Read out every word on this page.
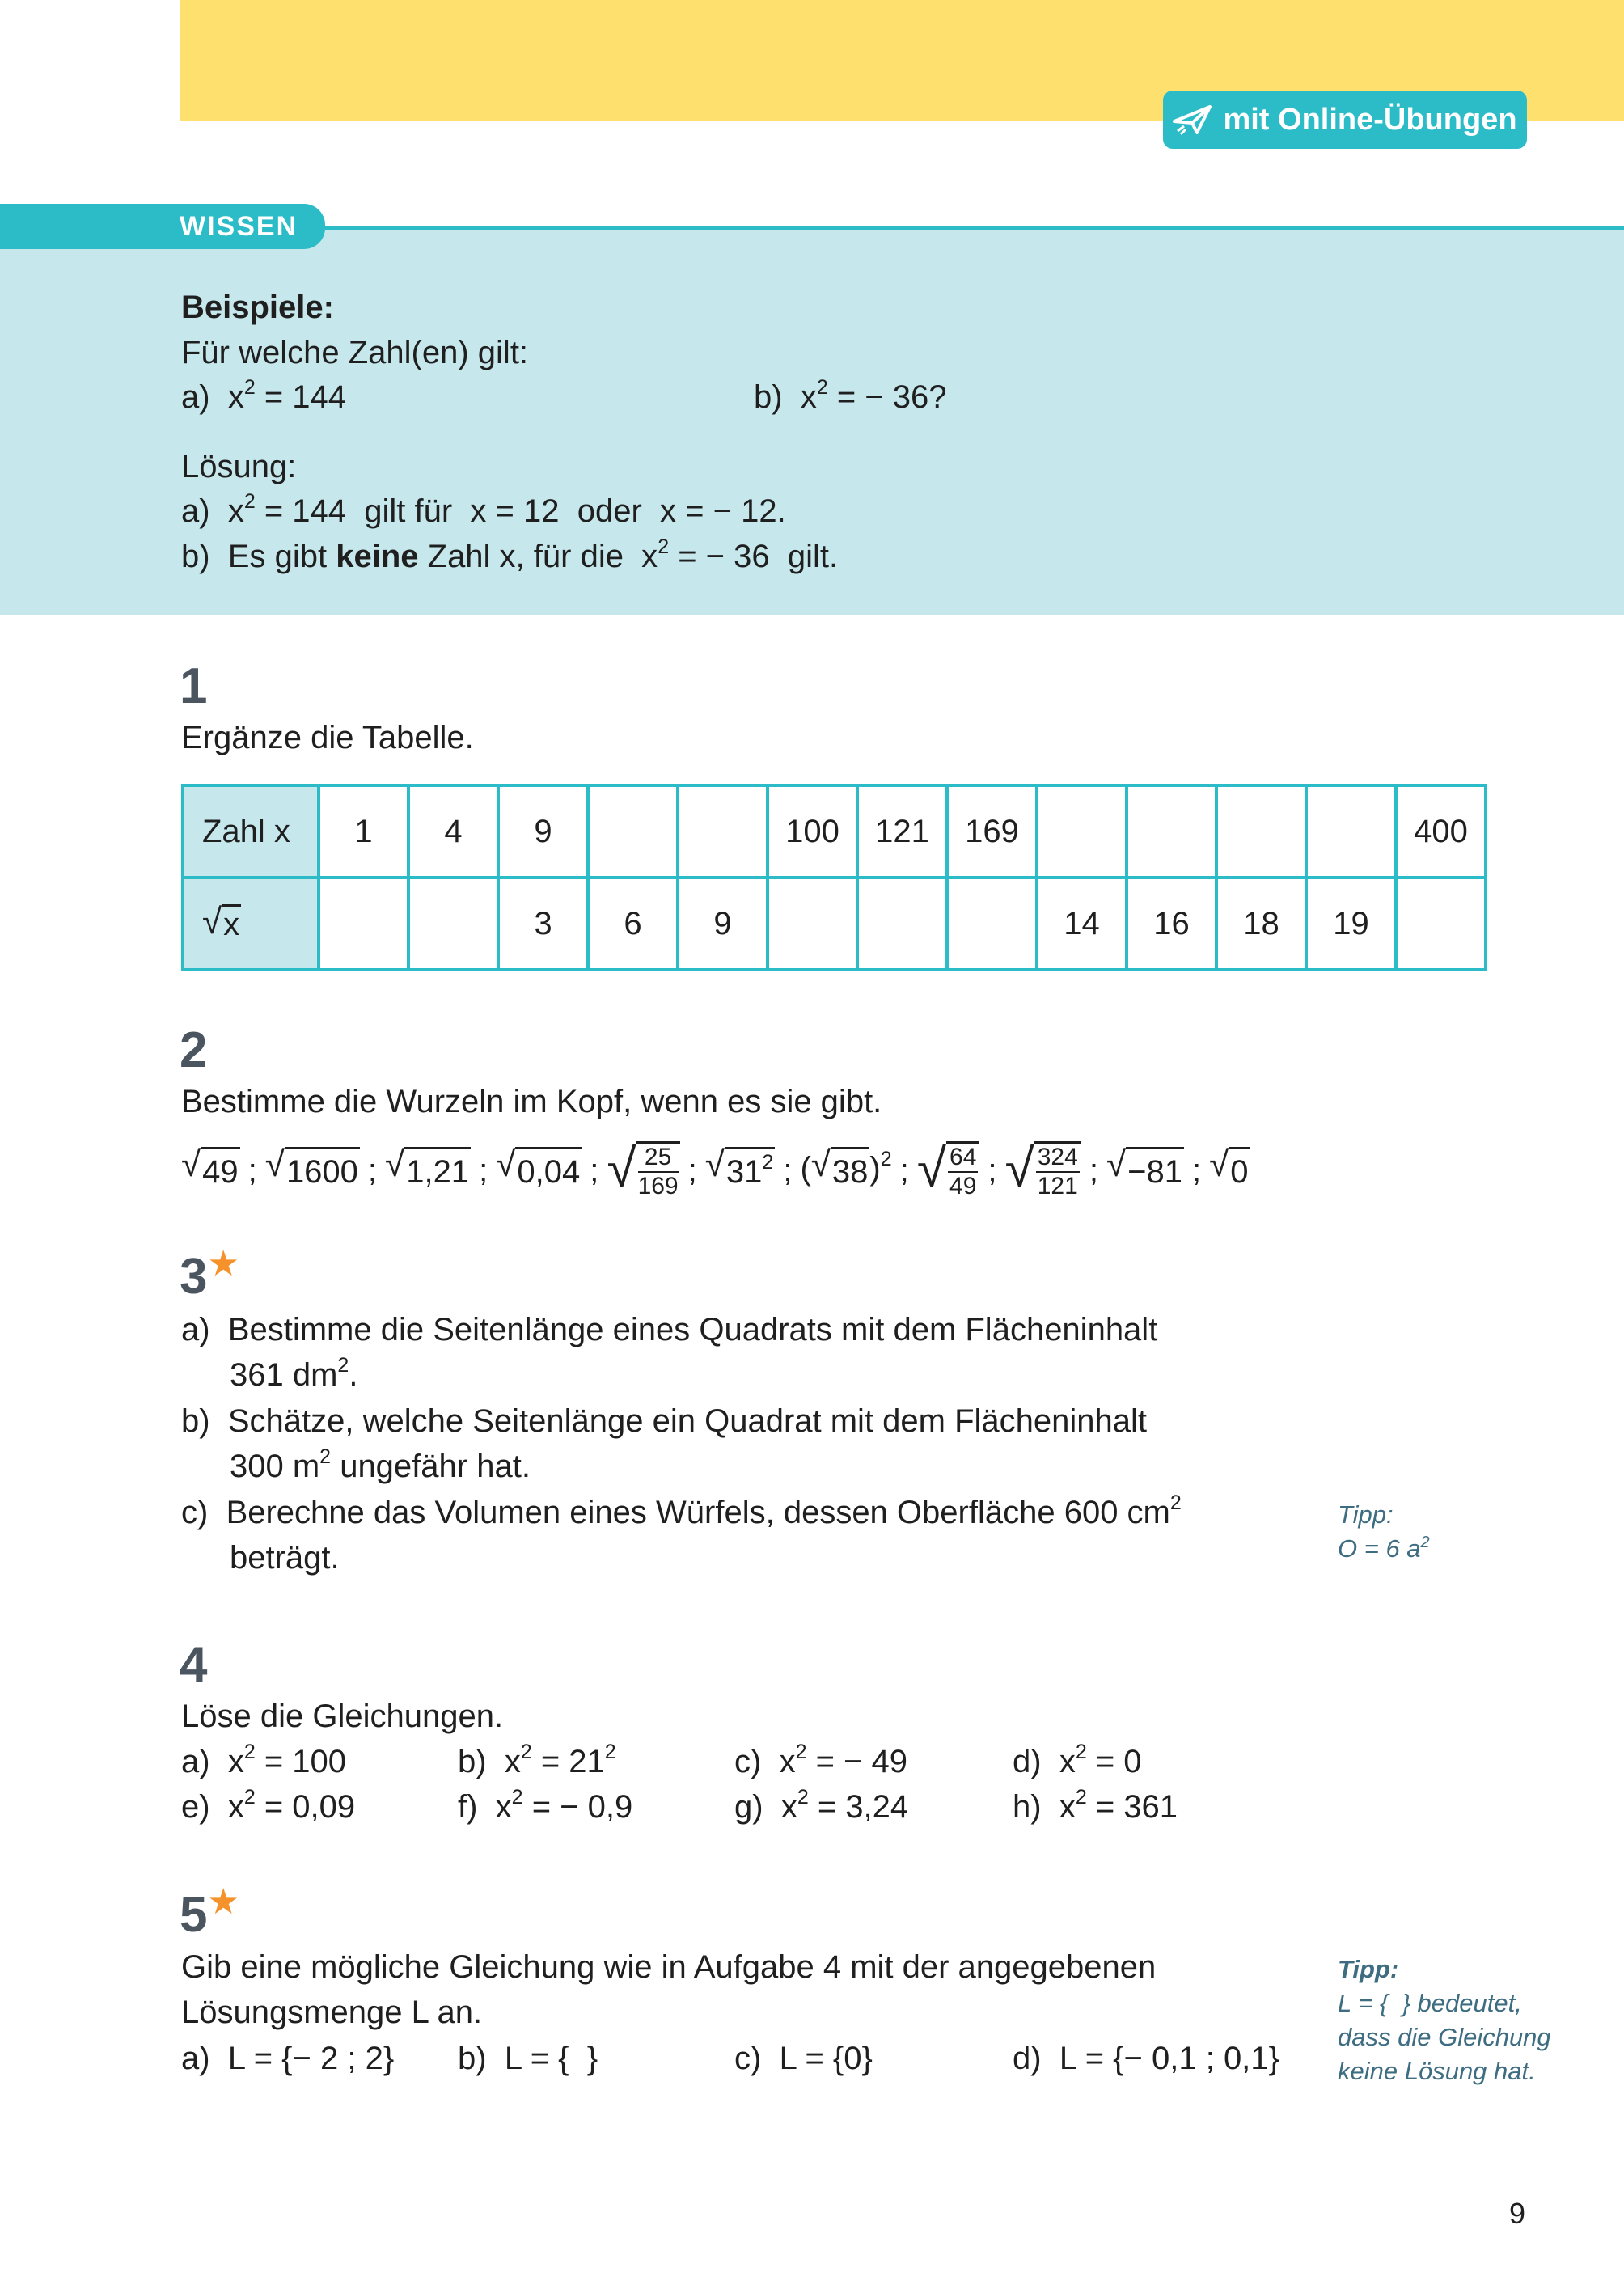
mit Online-Übungen
WISSEN
Beispiele:
Für welche Zahl(en) gilt:
a) $x^2 = 144$	b) $x^2$ = − 36?
Lösung:
a) $x^2 = 144$  gilt für  x = 12  oder  x = − 12.
b) Es gibt keine Zahl x, für die  $x^2$ = − 36  gilt.
1
Ergänze die Tabelle.
Zahl x	1	4	9			100	121	169					400

√ x			3	6	9				14	16	18	19	
2
Bestimme die Wurzeln im Kopf, wenn es sie gibt.
√ 49 ; √ 1600 ; √ 1,21 ; √ 0,04 ; √ $\frac{25}{169}$ ; √ $31^2$ ; ( √ 38 )$^2$ ; √ $\frac{64}{49}$ ; √ $\frac{324}{121}$ ; √ −81 ; √ 0
3★
a) Bestimme die Seitenlänge eines Quadrats mit dem Flächeninhalt
361 $dm^2$.
b) Schätze, welche Seitenlänge ein Quadrat mit dem Flächeninhalt
300 $m^2$ ungefähr hat.
c) Berechne das Volumen eines Würfels, dessen Oberfläche 600 $cm^2$
beträgt.
Tipp:
O = 6 $a^2$
4
Löse die Gleichungen.
a) $x^2 = 100$	b) $x^2 = 21^2$	c) $x^2$ = − 49	d) $x^2 = 0$
e) $x^2 = 0,09$	f) $x^2$ = − 0,9	g) $x^2 = 3,24$	h) $x^2 = 361$
5★
Gib eine mögliche Gleichung wie in Aufgabe 4 mit der angegebenen
Lösungsmenge L an.
a) L = {− 2 ; 2} b) L = {  }	c) L = {0}	d) L = {− 0,1 ; 0,1}
Tipp:
L = {  } bedeutet,
dass die Gleichung
keine Lösung hat.
9
